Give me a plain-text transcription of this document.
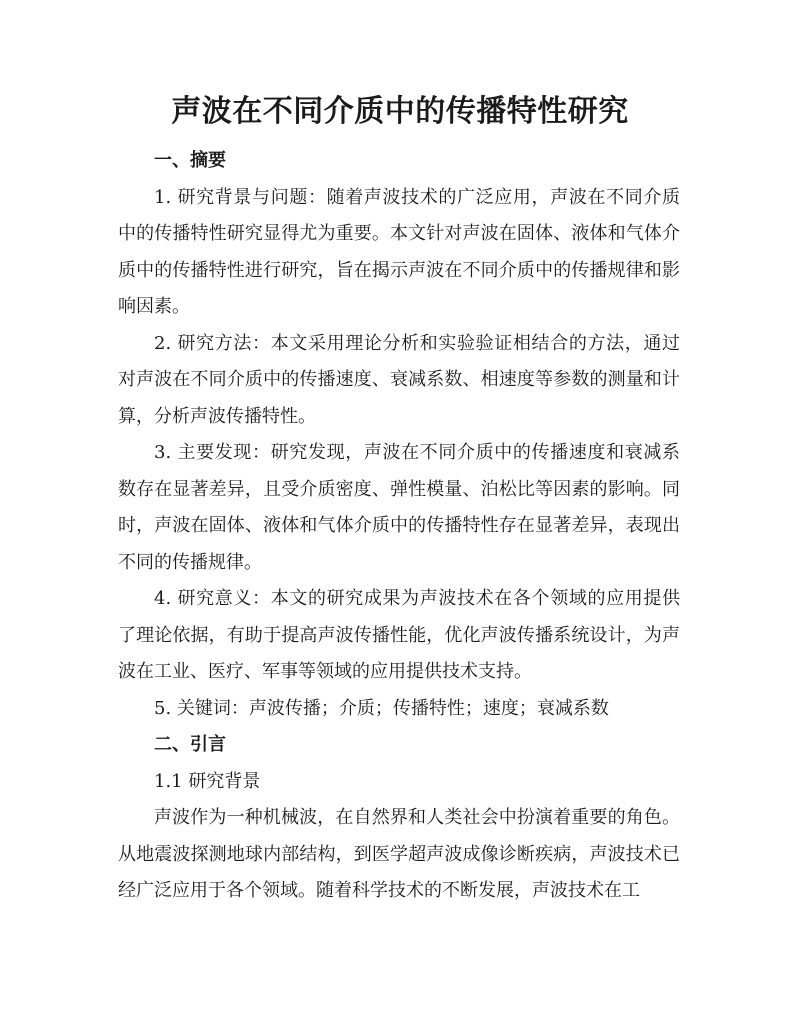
声波在不同介质中的传播特性研究

一、摘要

1. 研究背景与问题：随着声波技术的广泛应用，声波在不同介质中的传播特性研究显得尤为重要。本文针对声波在固体、液体和气体介质中的传播特性进行研究，旨在揭示声波在不同介质中的传播规律和影响因素。

2. 研究方法：本文采用理论分析和实验验证相结合的方法，通过对声波在不同介质中的传播速度、衰减系数、相速度等参数的测量和计算，分析声波传播特性。

3. 主要发现：研究发现，声波在不同介质中的传播速度和衰减系数存在显著差异，且受介质密度、弹性模量、泊松比等因素的影响。同时，声波在固体、液体和气体介质中的传播特性存在显著差异，表现出不同的传播规律。

4. 研究意义：本文的研究成果为声波技术在各个领域的应用提供了理论依据，有助于提高声波传播性能，优化声波传播系统设计，为声波在工业、医疗、军事等领域的应用提供技术支持。

5. 关键词：声波传播；介质；传播特性；速度；衰减系数

二、引言

1.1 研究背景

声波作为一种机械波，在自然界和人类社会中扮演着重要的角色。从地震波探测地球内部结构，到医学超声波成像诊断疾病，声波技术已经广泛应用于各个领域。随着科学技术的不断发展，声波技术在工
